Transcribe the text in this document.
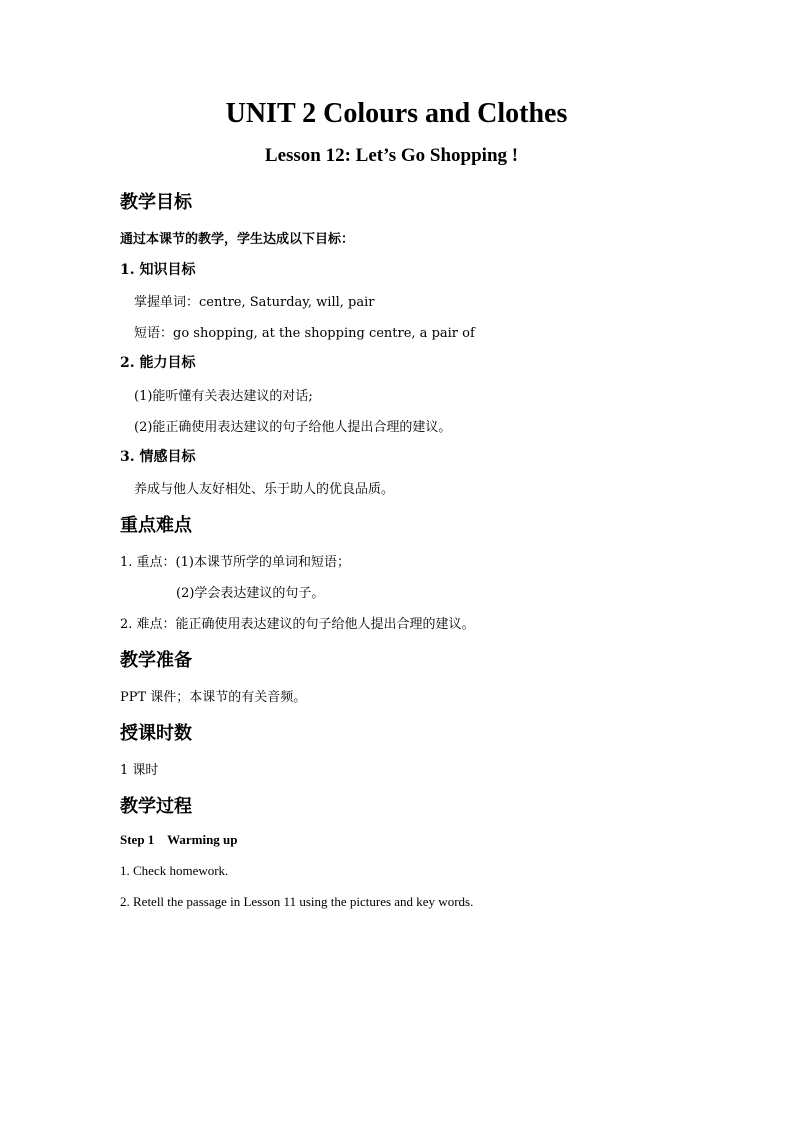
UNIT 2 Colours and Clothes
Lesson 12: Let’s Go Shopping !
教学目标
通过本课节的教学，学生达成以下目标：
1. 知识目标
掌握单词：centre, Saturday, will, pair
短语：go shopping, at the shopping centre, a pair of
2. 能力目标
(1)能听懂有关表达建议的对话;
(2)能正确使用表达建议的句子给他人提出合理的建议。
3. 情感目标
养成与他人友好相处、乐于助人的优良品质。
重点难点
1. 重点：(1)本课节所学的单词和短语；
(2)学会表达建议的句子。
2. 难点：能正确使用表达建议的句子给他人提出合理的建议。
教学准备
PPT 课件；本课节的有关音频。
授课时数
1 课时
教学过程
Step 1    Warming up
1. Check homework.
2. Retell the passage in Lesson 11 using the pictures and key words.
